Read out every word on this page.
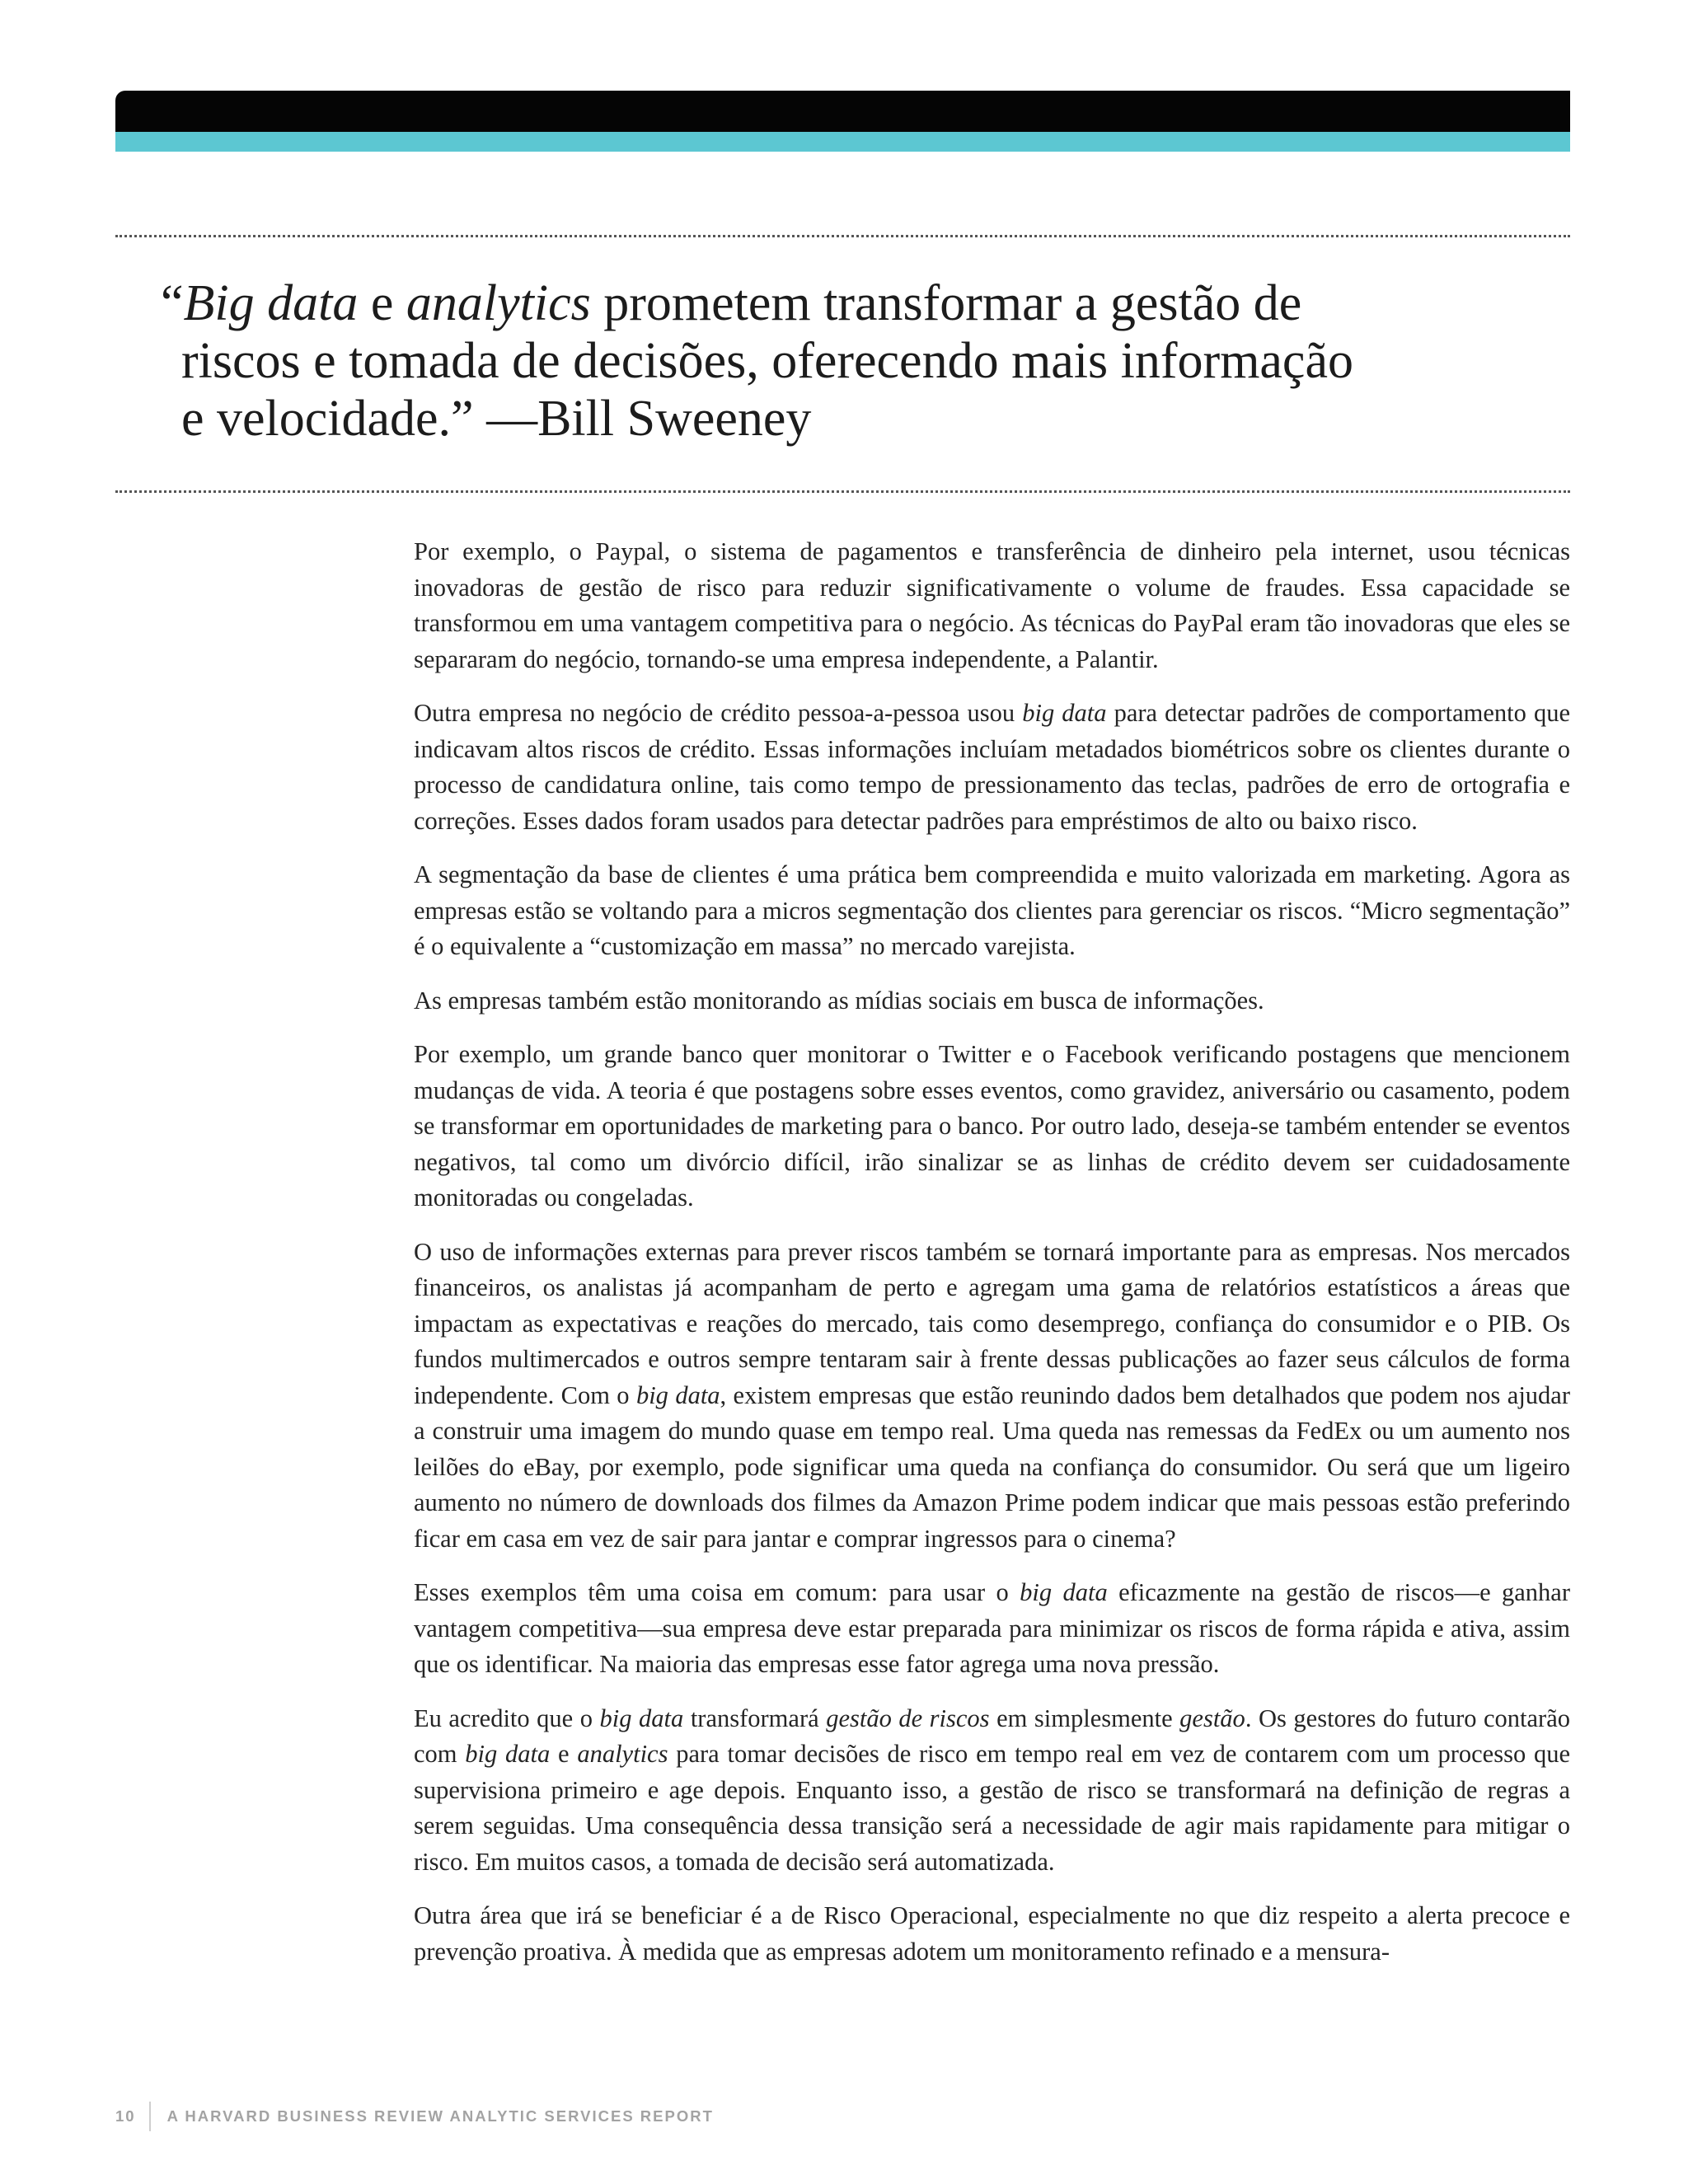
“Big data e analytics prometem transformar a gestão de
riscos e tomada de decisões, oferecendo mais informação
e velocidade.” —Bill Sweeney

Por exemplo, o Paypal, o sistema de pagamentos e transferência de dinheiro pela internet, usou técnicas inovadoras de gestão de risco para reduzir significativamente o volume de fraudes. Essa capacidade se transformou em uma vantagem competitiva para o negócio. As técnicas do PayPal eram tão inovadoras que eles se separaram do negócio, tornando-se uma empresa independente, a Palantir.

Outra empresa no negócio de crédito pessoa-a-pessoa usou big data para detectar padrões de comportamento que indicavam altos riscos de crédito. Essas informações incluíam metadados biométricos sobre os clientes durante o processo de candidatura online, tais como tempo de pressionamento das teclas, padrões de erro de ortografia e correções. Esses dados foram usados para detectar padrões para empréstimos de alto ou baixo risco.

A segmentação da base de clientes é uma prática bem compreendida e muito valorizada em marketing. Agora as empresas estão se voltando para a micros segmentação dos clientes para gerenciar os riscos. “Micro segmentação” é o equivalente a “customização em massa” no mercado varejista.

As empresas também estão monitorando as mídias sociais em busca de informações.

Por exemplo, um grande banco quer monitorar o Twitter e o Facebook verificando postagens que mencionem mudanças de vida. A teoria é que postagens sobre esses eventos, como gravidez, aniversário ou casamento, podem se transformar em oportunidades de marketing para o banco. Por outro lado, deseja-se também entender se eventos negativos, tal como um divórcio difícil, irão sinalizar se as linhas de crédito devem ser cuidadosamente monitoradas ou congeladas.

O uso de informações externas para prever riscos também se tornará importante para as empresas. Nos mercados financeiros, os analistas já acompanham de perto e agregam uma gama de relatórios estatísticos a áreas que impactam as expectativas e reações do mercado, tais como desemprego, confiança do consumidor e o PIB. Os fundos multimercados e outros sempre tentaram sair à frente dessas publicações ao fazer seus cálculos de forma independente. Com o big data, existem empresas que estão reunindo dados bem detalhados que podem nos ajudar a construir uma imagem do mundo quase em tempo real. Uma queda nas remessas da FedEx ou um aumento nos leilões do eBay, por exemplo, pode significar uma queda na confiança do consumidor. Ou será que um ligeiro aumento no número de downloads dos filmes da Amazon Prime podem indicar que mais pessoas estão preferindo ficar em casa em vez de sair para jantar e comprar ingressos para o cinema?

Esses exemplos têm uma coisa em comum: para usar o big data eficazmente na gestão de riscos—e ganhar vantagem competitiva—sua empresa deve estar preparada para minimizar os riscos de forma rápida e ativa, assim que os identificar. Na maioria das empresas esse fator agrega uma nova pressão.

Eu acredito que o big data transformará gestão de riscos em simplesmente gestão. Os gestores do futuro contarão com big data e analytics para tomar decisões de risco em tempo real em vez de contarem com um processo que supervisiona primeiro e age depois. Enquanto isso, a gestão de risco se transformará na definição de regras a serem seguidas. Uma consequência dessa transição será a necessidade de agir mais rapidamente para mitigar o risco. Em muitos casos, a tomada de decisão será automatizada.

Outra área que irá se beneficiar é a de Risco Operacional, especialmente no que diz respeito a alerta precoce e prevenção proativa. À medida que as empresas adotem um monitoramento refinado e a mensura-

10 A HARVARD BUSINESS REVIEW ANALYTIC SERVICES REPORT
